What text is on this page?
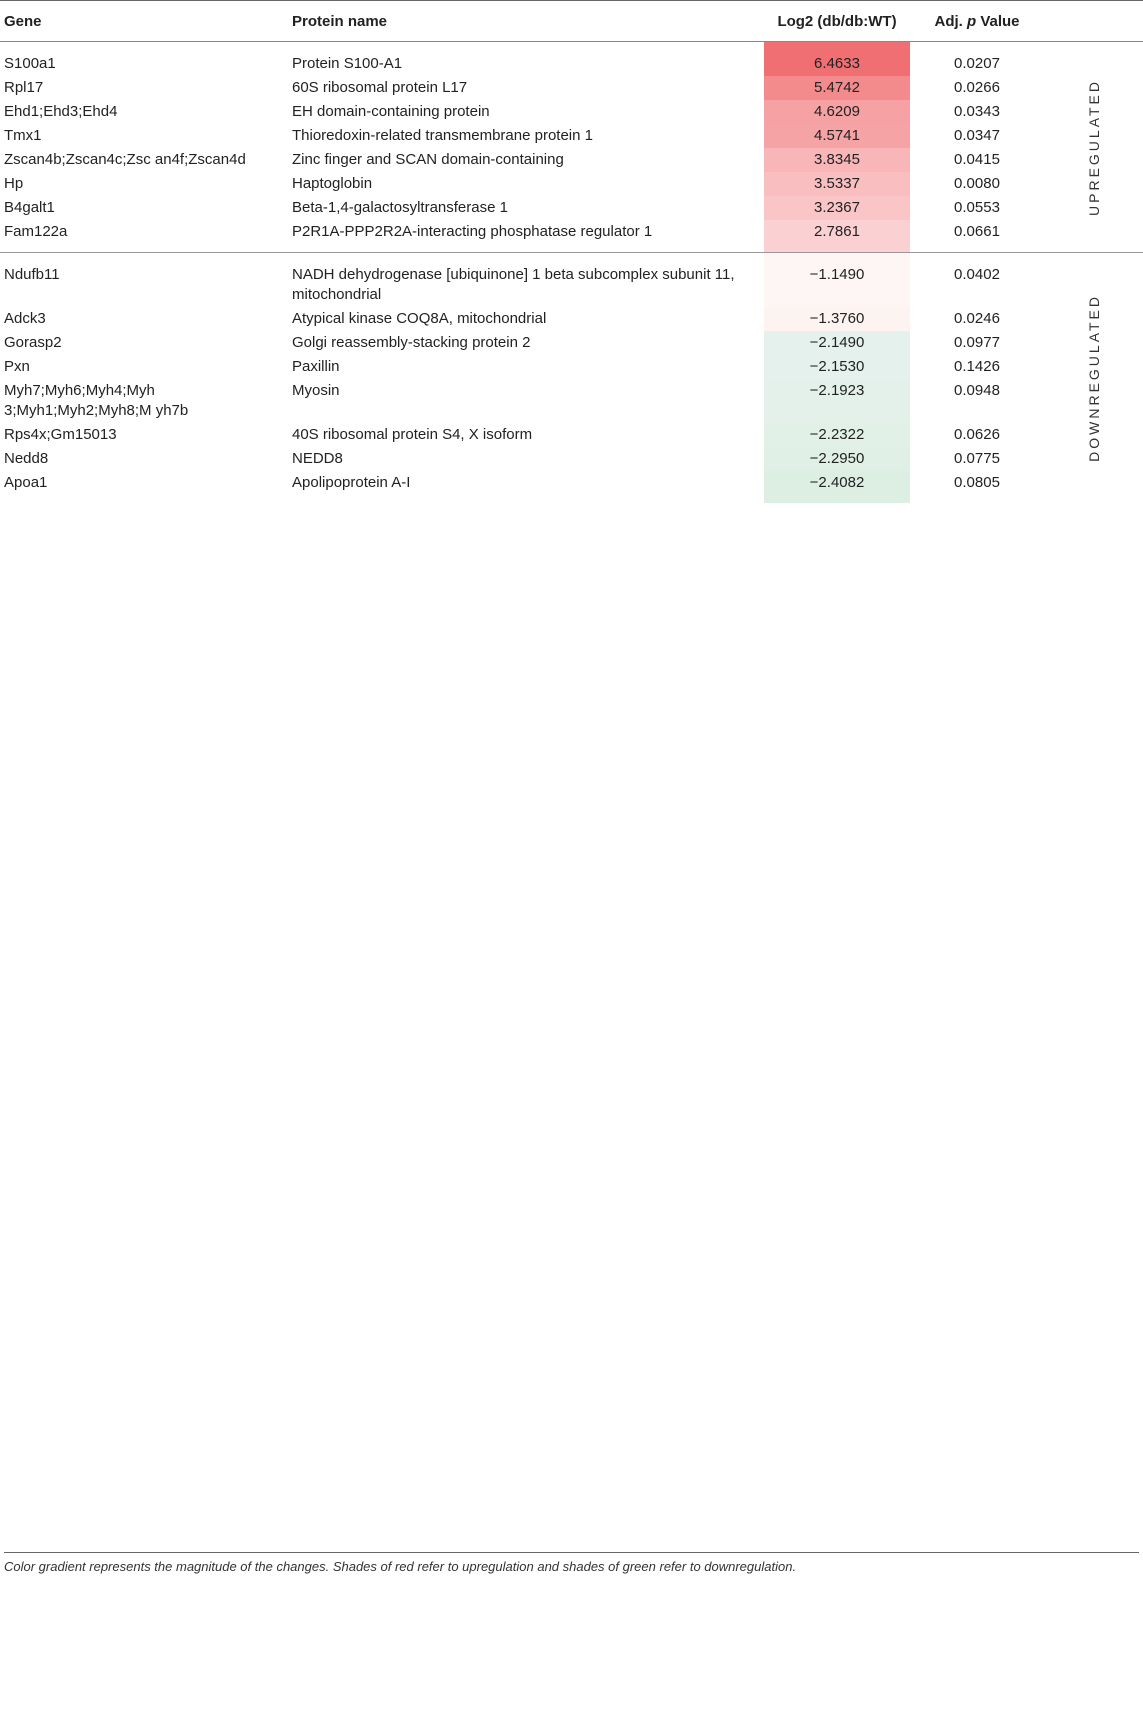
Gene	Protein name	Log2 (db/db:WT)	Adj. p Value	
S100a1	Protein S100-A1	6.4633	0.0207	UPREGULATED

Rpl17	60S ribosomal protein L17	5.4742	0.0266	
Ehd1;Ehd3;Ehd4	EH domain-containing protein	4.6209	0.0343	
Tmx1	Thioredoxin-related transmembrane protein 1	4.5741	0.0347	
Zscan4b;Zscan4c;Zsc an4f;Zscan4d	Zinc finger and SCAN domain-containing	3.8345	0.0415	
Hp	Haptoglobin	3.5337	0.0080	
B4galt1	Beta-1,4-galactosyltransferase 1	3.2367	0.0553	
Fam122a	P2R1A-PPP2R2A-interacting phosphatase regulator 1	2.7861	0.0661	
Ndufb11	NADH dehydrogenase [ubiquinone] 1 beta subcomplex subunit 11, mitochondrial	−1.1490	0.0402	DOWNREGULATED

Adck3	Atypical kinase COQ8A, mitochondrial	−1.3760	0.0246	
Gorasp2	Golgi reassembly-stacking protein 2	−2.1490	0.0977	
Pxn	Paxillin	−2.1530	0.1426	
Myh7;Myh6;Myh4;Myh 3;Myh1;Myh2;Myh8;M yh7b	Myosin	−2.1923	0.0948	
Rps4x;Gm15013	40S ribosomal protein S4, X isoform	−2.2322	0.0626	
Nedd8	NEDD8	−2.2950	0.0775	
Apoa1	Apolipoprotein A-I	−2.4082	0.0805	
Color gradient represents the magnitude of the changes. Shades of red refer to upregulation and shades of green refer to downregulation.
